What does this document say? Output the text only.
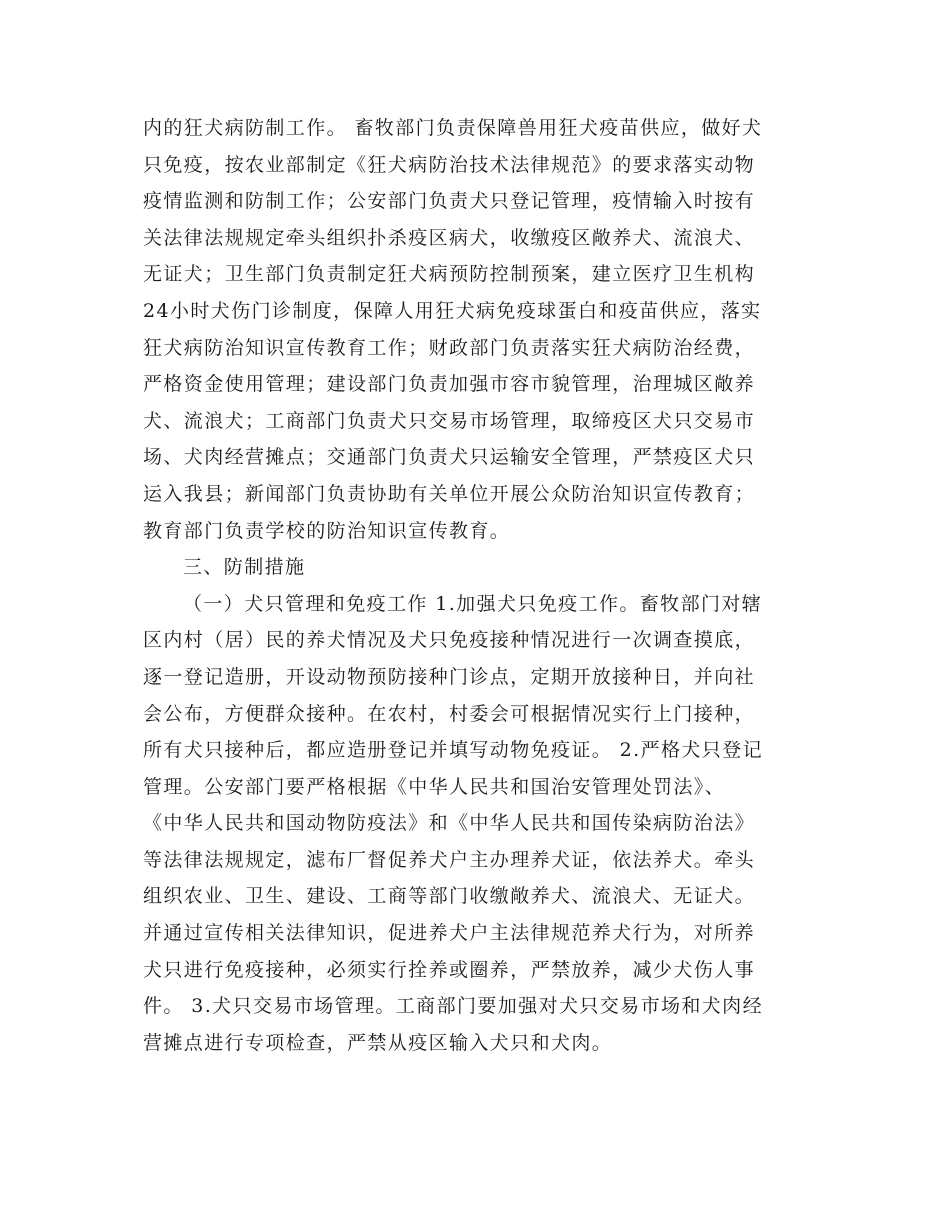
内的狂犬病防制工作。 畜牧部门负责保障兽用狂犬疫苗供应，做好犬
只免疫，按农业部制定《狂犬病防治技术法律规范》的要求落实动物
疫情监测和防制工作；公安部门负责犬只登记管理，疫情输入时按有
关法律法规规定牵头组织扑杀疫区病犬，收缴疫区敞养犬、流浪犬、
无证犬；卫生部门负责制定狂犬病预防控制预案，建立医疗卫生机构
24小时犬伤门诊制度，保障人用狂犬病免疫球蛋白和疫苗供应，落实
狂犬病防治知识宣传教育工作；财政部门负责落实狂犬病防治经费，
严格资金使用管理；建设部门负责加强市容市貌管理，治理城区敞养
犬、流浪犬；工商部门负责犬只交易市场管理，取缔疫区犬只交易市
场、犬肉经营摊点；交通部门负责犬只运输安全管理，严禁疫区犬只
运入我县；新闻部门负责协助有关单位开展公众防治知识宣传教育；
教育部门负责学校的防治知识宣传教育。
三、防制措施
（一）犬只管理和免疫工作 1.加强犬只免疫工作。畜牧部门对辖
区内村（居）民的养犬情况及犬只免疫接种情况进行一次调查摸底，
逐一登记造册，开设动物预防接种门诊点，定期开放接种日，并向社
会公布，方便群众接种。在农村，村委会可根据情况实行上门接种，
所有犬只接种后，都应造册登记并填写动物免疫证。 2.严格犬只登记
管理。公安部门要严格根据《中华人民共和国治安管理处罚法》、
《中华人民共和国动物防疫法》和《中华人民共和国传染病防治法》
等法律法规规定，滤布厂督促养犬户主办理养犬证，依法养犬。牵头
组织农业、卫生、建设、工商等部门收缴敞养犬、流浪犬、无证犬。
并通过宣传相关法律知识，促进养犬户主法律规范养犬行为，对所养
犬只进行免疫接种，必须实行拴养或圈养，严禁放养，减少犬伤人事
件。 3.犬只交易市场管理。工商部门要加强对犬只交易市场和犬肉经
营摊点进行专项检查，严禁从疫区输入犬只和犬肉。
